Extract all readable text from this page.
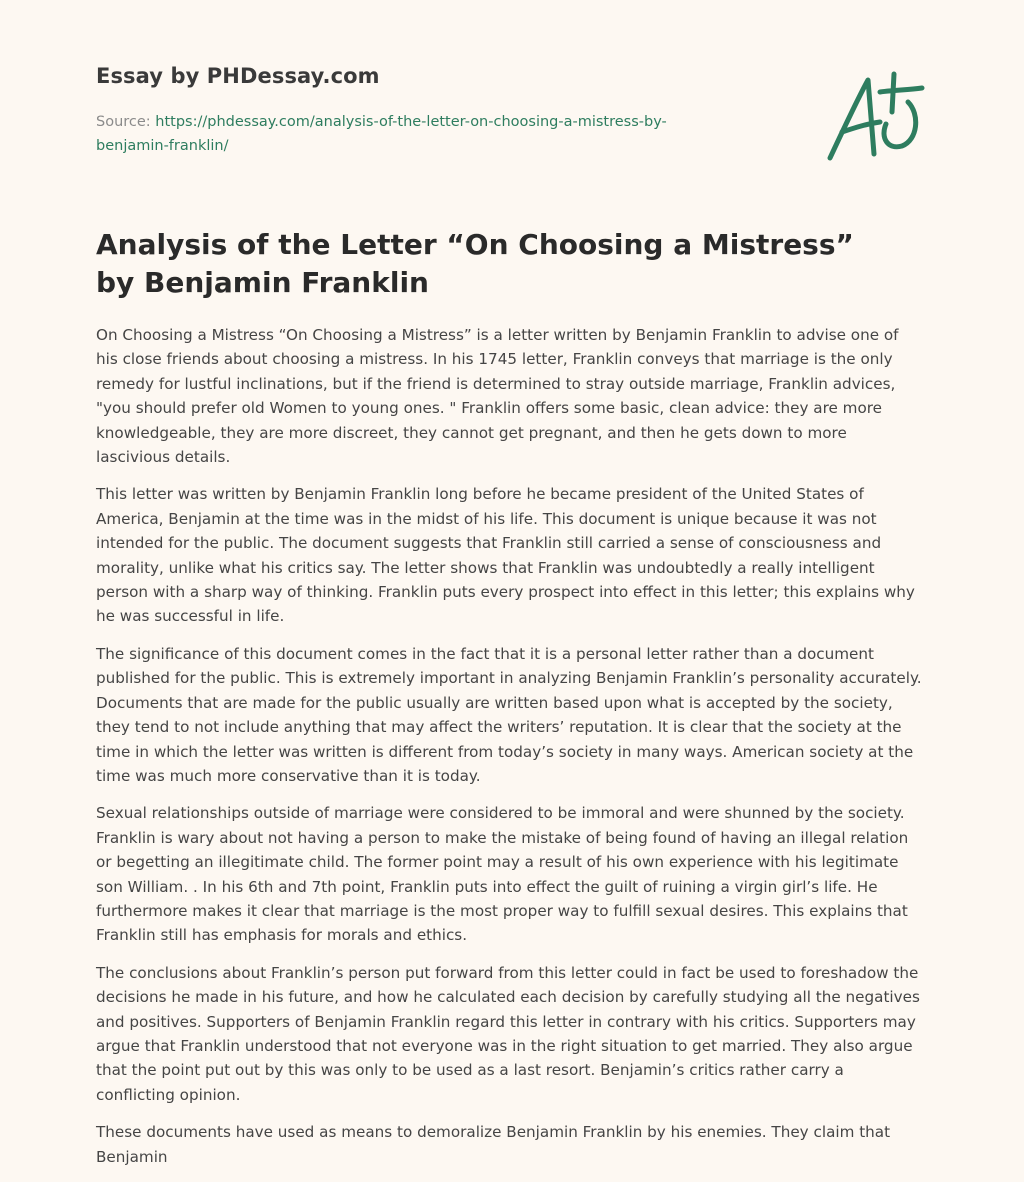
Essay by PHDessay.com
Source: https://phdessay.com/analysis-of-the-letter-on-choosing-a-mistress-by-benjamin-franklin/
Analysis of the Letter “On Choosing a Mistress” by Benjamin Franklin

On Choosing a Mistress “On Choosing a Mistress” is a letter written by Benjamin Franklin to advise one of his close friends about choosing a mistress. In his 1745 letter, Franklin conveys that marriage is the only remedy for lustful inclinations, but if the friend is determined to stray outside marriage, Franklin advices, "you should prefer old Women to young ones. " Franklin offers some basic, clean advice: they are more knowledgeable, they are more discreet, they cannot get pregnant, and then he gets down to more lascivious details.

This letter was written by Benjamin Franklin long before he became president of the United States of America, Benjamin at the time was in the midst of his life. This document is unique because it was not intended for the public. The document suggests that Franklin still carried a sense of consciousness and morality, unlike what his critics say. The letter shows that Franklin was undoubtedly a really intelligent person with a sharp way of thinking. Franklin puts every prospect into effect in this letter; this explains why he was successful in life.

The significance of this document comes in the fact that it is a personal letter rather than a document published for the public. This is extremely important in analyzing Benjamin Franklin’s personality accurately. Documents that are made for the public usually are written based upon what is accepted by the society, they tend to not include anything that may affect the writers’ reputation. It is clear that the society at the time in which the letter was written is different from today’s society in many ways. American society at the time was much more conservative than it is today.

Sexual relationships outside of marriage were considered to be immoral and were shunned by the society. Franklin is wary about not having a person to make the mistake of being found of having an illegal relation or begetting an illegitimate child. The former point may a result of his own experience with his legitimate son William. . In his 6th and 7th point, Franklin puts into effect the guilt of ruining a virgin girl’s life. He furthermore makes it clear that marriage is the most proper way to fulfill sexual desires. This explains that Franklin still has emphasis for morals and ethics.

The conclusions about Franklin’s person put forward from this letter could in fact be used to foreshadow the decisions he made in his future, and how he calculated each decision by carefully studying all the negatives and positives. Supporters of Benjamin Franklin regard this letter in contrary with his critics. Supporters may argue that Franklin understood that not everyone was in the right situation to get married. They also argue that the point put out by this was only to be used as a last resort. Benjamin’s critics rather carry a conflicting opinion.

These documents have used as means to demoralize Benjamin Franklin by his enemies. They claim that Benjamin
